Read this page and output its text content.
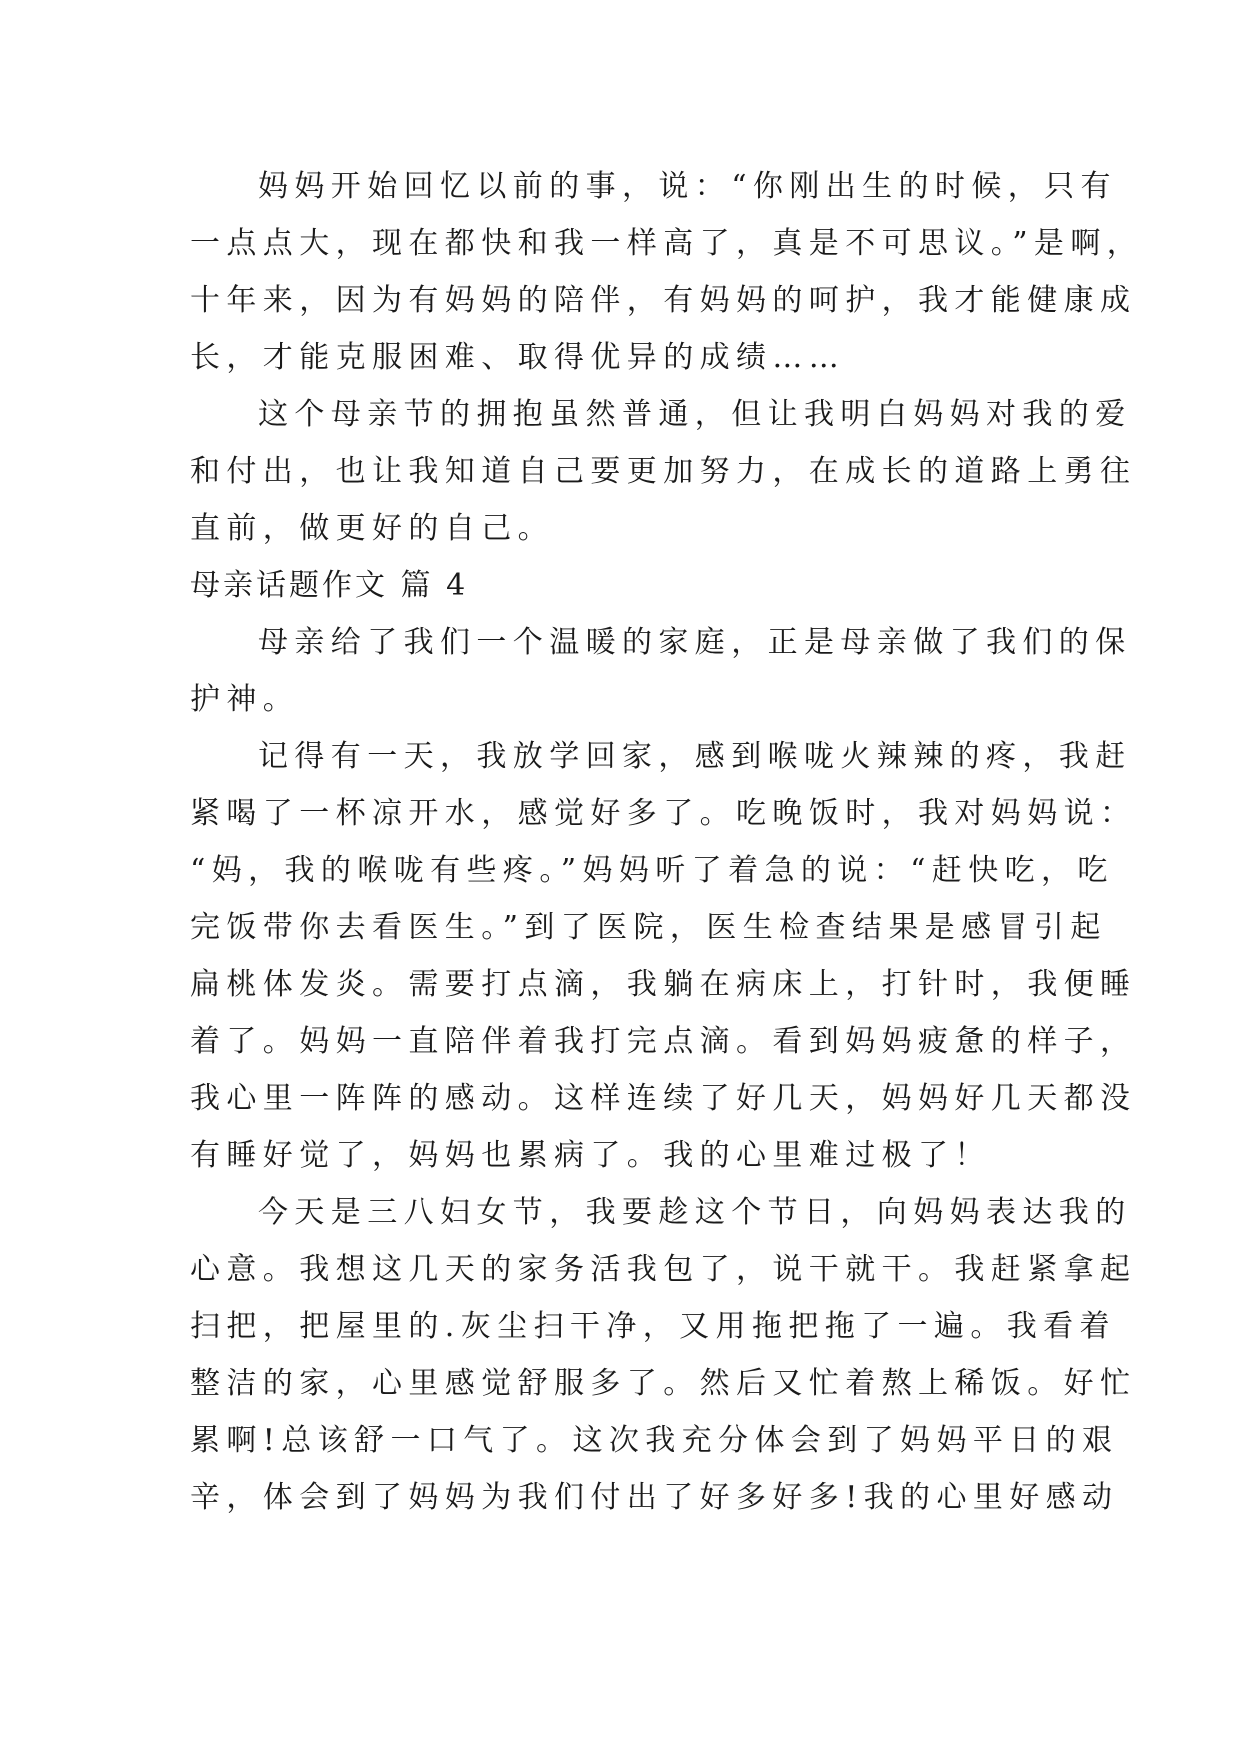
妈妈开始回忆以前的事，说：“你刚出生的时候，只有
一点点大，现在都快和我一样高了，真是不可思议。”是啊，
十年来，因为有妈妈的陪伴，有妈妈的呵护，我才能健康成
长，才能克服困难、取得优异的成绩……
这个母亲节的拥抱虽然普通，但让我明白妈妈对我的爱
和付出，也让我知道自己要更加努力，在成长的道路上勇往
直前，做更好的自己。
母亲话题作文 篇 4
母亲给了我们一个温暖的家庭，正是母亲做了我们的保
护神。
记得有一天，我放学回家，感到喉咙火辣辣的疼，我赶
紧喝了一杯凉开水，感觉好多了。吃晚饭时，我对妈妈说：
“妈，我的喉咙有些疼。”妈妈听了着急的说：“赶快吃，吃
完饭带你去看医生。”到了医院，医生检查结果是感冒引起
扁桃体发炎。需要打点滴，我躺在病床上，打针时，我便睡
着了。妈妈一直陪伴着我打完点滴。看到妈妈疲惫的样子，
我心里一阵阵的感动。这样连续了好几天，妈妈好几天都没
有睡好觉了，妈妈也累病了。我的心里难过极了！
今天是三八妇女节，我要趁这个节日，向妈妈表达我的
心意。我想这几天的家务活我包了，说干就干。我赶紧拿起
扫把，把屋里的.灰尘扫干净，又用拖把拖了一遍。我看着
整洁的家，心里感觉舒服多了。然后又忙着熬上稀饭。好忙
累啊!总该舒一口气了。这次我充分体会到了妈妈平日的艰
辛，体会到了妈妈为我们付出了好多好多!我的心里好感动
